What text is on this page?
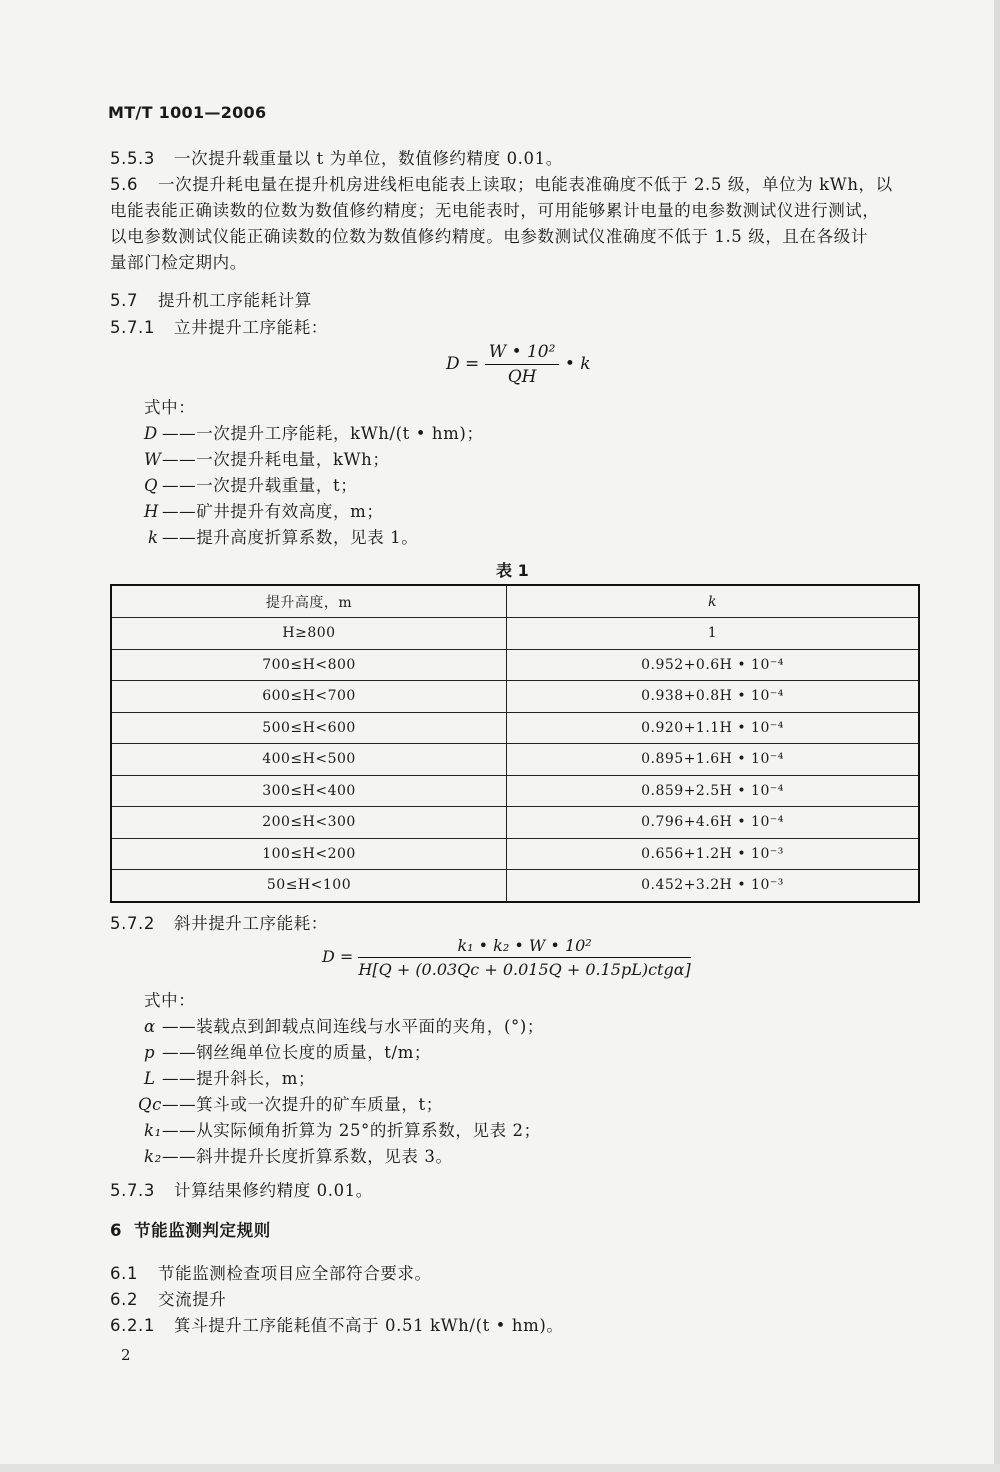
MT/T 1001—2006
5.5.3 一次提升载重量以 t 为单位，数值修约精度 0.01。
5.6 一次提升耗电量在提升机房进线柜电能表上读取；电能表准确度不低于 2.5 级，单位为 kWh，以
电能表能正确读数的位数为数值修约精度；无电能表时，可用能够累计电量的电参数测试仪进行测试，
以电参数测试仪能正确读数的位数为数值修约精度。电参数测试仪准确度不低于 1.5 级，且在各级计
量部门检定期内。
5.7 提升机工序能耗计算
5.7.1 立井提升工序能耗：
$D = \frac{\text{W • 10²}}{QH}$ • k
式中：
D ——一次提升工序能耗，kWh/(t • hm)；
W——一次提升耗电量，kWh；
Q ——一次提升载重量，t；
H ——矿井提升有效高度，m；
k ——提升高度折算系数，见表 1。
表 1
提升高度，m	k
H≥800	1
700≤H<800	0.952+0.6H • 10⁻⁴
600≤H<700	0.938+0.8H • 10⁻⁴
500≤H<600	0.920+1.1H • 10⁻⁴
400≤H<500	0.895+1.6H • 10⁻⁴
300≤H<400	0.859+2.5H • 10⁻⁴
200≤H<300	0.796+4.6H • 10⁻⁴
100≤H<200	0.656+1.2H • 10⁻³
50≤H<100	0.452+3.2H • 10⁻³
5.7.2 斜井提升工序能耗：
$D = \frac{\text{k₁ • k₂ • W • 10²}}{\text{H[Q + (0.03Qc + 0.015Q + 0.15pL)ctgα]}}$
式中：
α ——装载点到卸载点间连线与水平面的夹角，(°)；
p ——钢丝绳单位长度的质量，t/m；
L ——提升斜长，m；
Qc——箕斗或一次提升的矿车质量，t；
k₁——从实际倾角折算为 25°的折算系数，见表 2；
k₂——斜井提升长度折算系数，见表 3。
5.7.3 计算结果修约精度 0.01。
6 节能监测判定规则
6.1 节能监测检查项目应全部符合要求。
6.2 交流提升
6.2.1 箕斗提升工序能耗值不高于 0.51 kWh/(t • hm)。
2
